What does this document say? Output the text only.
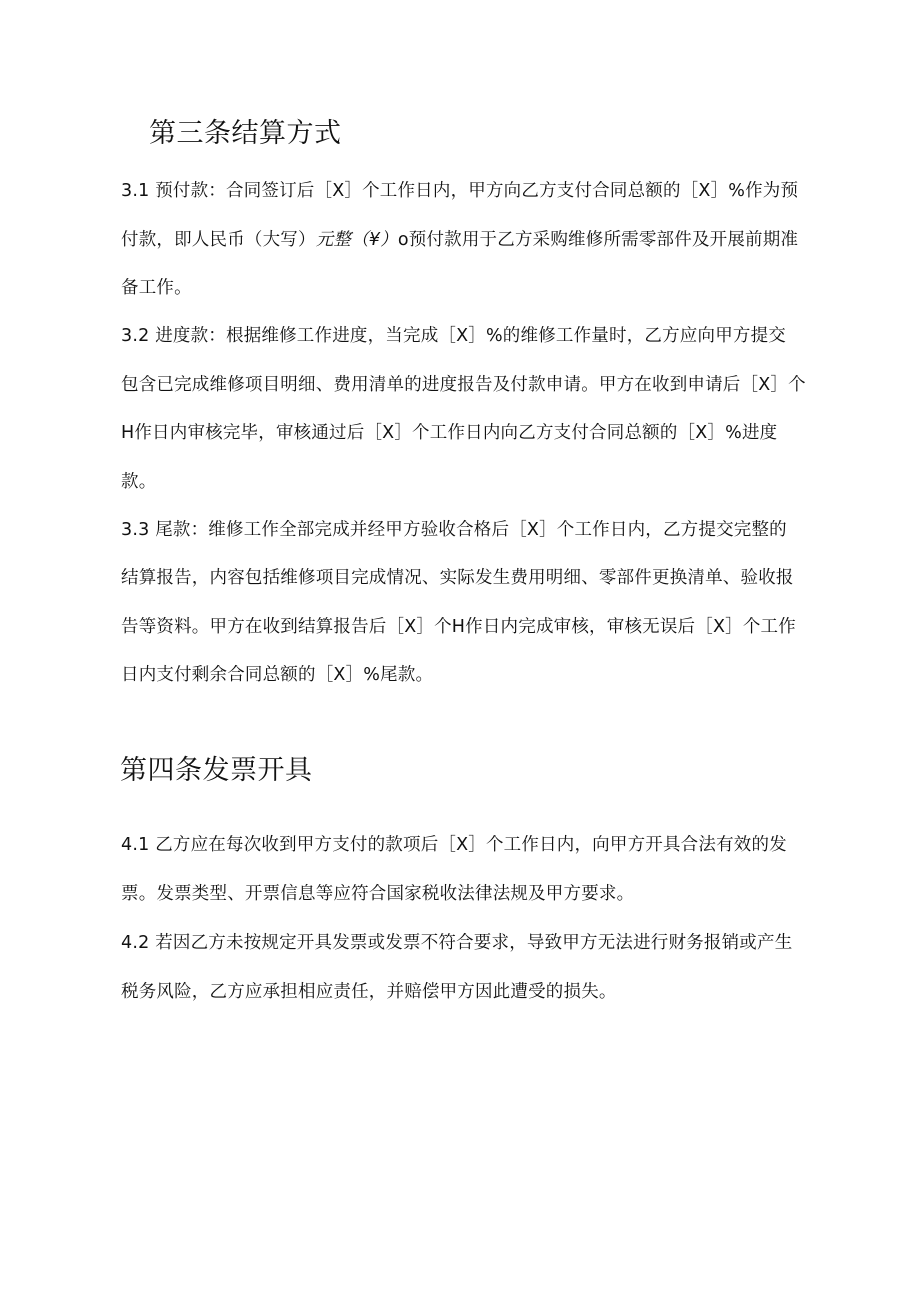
第三条结算方式
3.1 预付款：合同签订后［X］个工作日内，甲方向乙方支付合同总额的［X］%作为预
付款，即人民币（大写）元整（¥）o预付款用于乙方采购维修所需零部件及开展前期准
备工作。
3.2 进度款：根据维修工作进度，当完成［X］%的维修工作量时，乙方应向甲方提交
包含已完成维修项目明细、费用清单的进度报告及付款申请。甲方在收到申请后［X］个
H作日内审核完毕，审核通过后［X］个工作日内向乙方支付合同总额的［X］%进度
款。
3.3 尾款：维修工作全部完成并经甲方验收合格后［X］个工作日内，乙方提交完整的
结算报告，内容包括维修项目完成情况、实际发生费用明细、零部件更换清单、验收报
告等资料。甲方在收到结算报告后［X］个H作日内完成审核，审核无误后［X］个工作
日内支付剩余合同总额的［X］%尾款。
第四条发票开具
4.1 乙方应在每次收到甲方支付的款项后［X］个工作日内，向甲方开具合法有效的发
票。发票类型、开票信息等应符合国家税收法律法规及甲方要求。
4.2 若因乙方未按规定开具发票或发票不符合要求，导致甲方无法进行财务报销或产生
税务风险，乙方应承担相应责任，并赔偿甲方因此遭受的损失。
